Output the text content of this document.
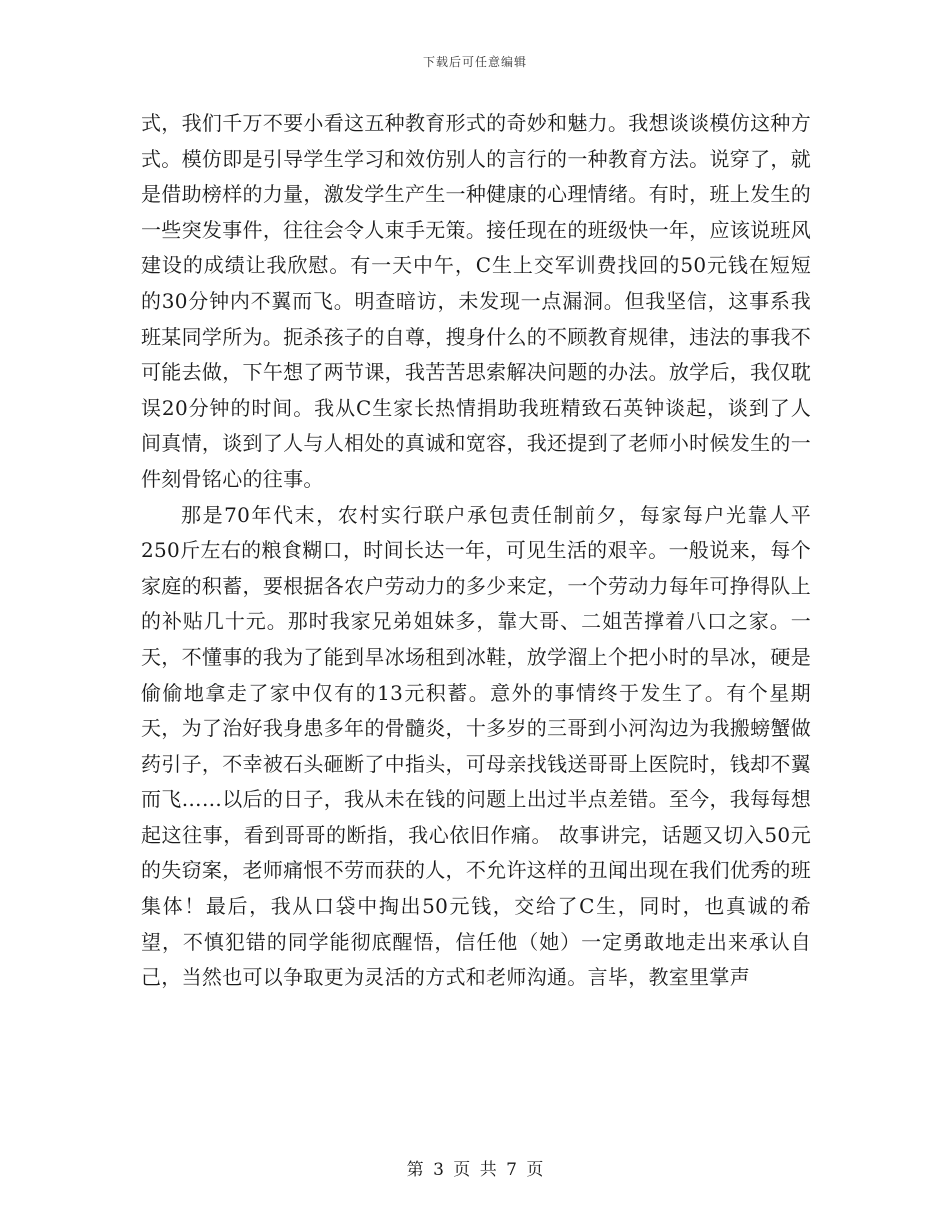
下载后可任意编辑

式，我们千万不要小看这五种教育形式的奇妙和魅力。我想谈谈模仿这种方式。模仿即是引导学生学习和效仿别人的言行的一种教育方法。说穿了，就是借助榜样的力量，激发学生产生一种健康的心理情绪。有时，班上发生的一些突发事件，往往会令人束手无策。接任现在的班级快一年，应该说班风建设的成绩让我欣慰。有一天中午，C生上交军训费找回的50元钱在短短的30分钟内不翼而飞。明查暗访，未发现一点漏洞。但我坚信，这事系我班某同学所为。扼杀孩子的自尊，搜身什么的不顾教育规律，违法的事我不可能去做，下午想了两节课，我苦苦思索解决问题的办法。放学后，我仅耽误20分钟的时间。我从C生家长热情捐助我班精致石英钟谈起，谈到了人间真情，谈到了人与人相处的真诚和宽容，我还提到了老师小时候发生的一件刻骨铭心的往事。

那是70年代末，农村实行联户承包责任制前夕，每家每户光靠人平250斤左右的粮食糊口，时间长达一年，可见生活的艰辛。一般说来，每个家庭的积蓄，要根据各农户劳动力的多少来定，一个劳动力每年可挣得队上的补贴几十元。那时我家兄弟姐妹多，靠大哥、二姐苦撑着八口之家。一天，不懂事的我为了能到旱冰场租到冰鞋，放学溜上个把小时的旱冰，硬是偷偷地拿走了家中仅有的13元积蓄。意外的事情终于发生了。有个星期天，为了治好我身患多年的骨髓炎，十多岁的三哥到小河沟边为我搬螃蟹做药引子，不幸被石头砸断了中指头，可母亲找钱送哥哥上医院时，钱却不翼而飞……以后的日子，我从未在钱的问题上出过半点差错。至今，我每每想起这往事，看到哥哥的断指，我心依旧作痛。 故事讲完，话题又切入50元的失窃案，老师痛恨不劳而获的人，不允许这样的丑闻出现在我们优秀的班集体！最后，我从口袋中掏出50元钱，交给了C生，同时，也真诚的希望，不慎犯错的同学能彻底醒悟，信任他（她）一定勇敢地走出来承认自己，当然也可以争取更为灵活的方式和老师沟通。言毕，教室里掌声

第 3 页 共 7 页
